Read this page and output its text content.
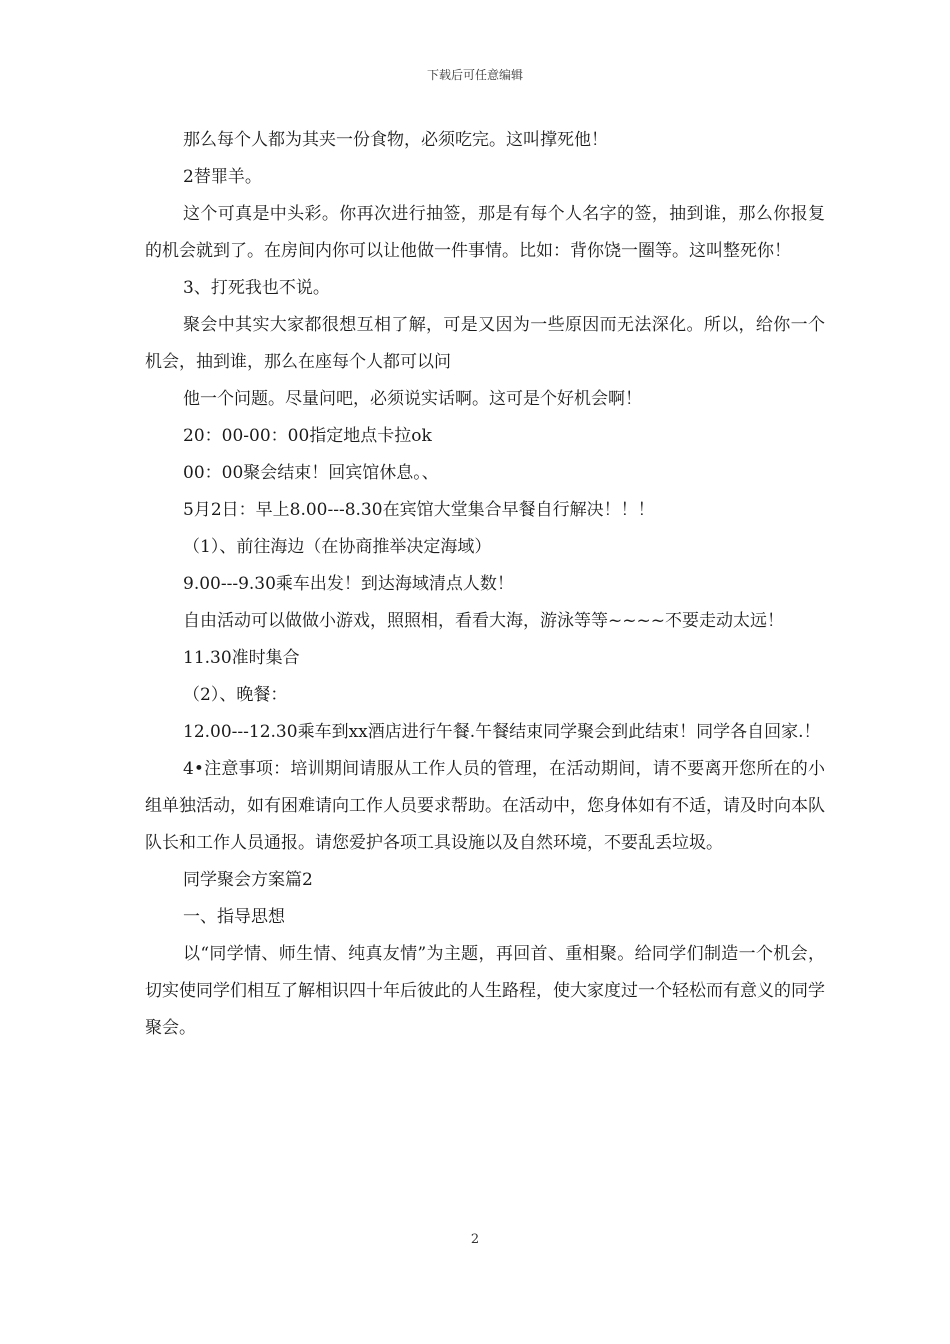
下载后可任意编辑

那么每个人都为其夹一份食物，必须吃完。这叫撑死他！

2替罪羊。

这个可真是中头彩。你再次进行抽签，那是有每个人名字的签，抽到谁，那么你报复的机会就到了。在房间内你可以让他做一件事情。比如：背你饶一圈等。这叫整死你！

3、打死我也不说。

聚会中其实大家都很想互相了解，可是又因为一些原因而无法深化。所以，给你一个机会，抽到谁，那么在座每个人都可以问

他一个问题。尽量问吧，必须说实话啊。这可是个好机会啊！

20：00-00：00指定地点卡拉ok

00：00聚会结束！回宾馆休息。、

5月2日：早上8.00---8.30在宾馆大堂集合早餐自行解决！！！

（1）、前往海边（在协商推举决定海域）

9.00---9.30乘车出发！到达海域清点人数！

自由活动可以做做小游戏，照照相，看看大海，游泳等等~~~~不要走动太远！

11.30准时集合

（2）、晚餐：

12.00---12.30乘车到xx酒店进行午餐.午餐结束同学聚会到此结束！同学各自回家.！

4•注意事项：培训期间请服从工作人员的管理，在活动期间，请不要离开您所在的小组单独活动，如有困难请向工作人员要求帮助。在活动中，您身体如有不适，请及时向本队队长和工作人员通报。请您爱护各项工具设施以及自然环境，不要乱丢垃圾。

同学聚会方案篇2

一、指导思想

以“同学情、师生情、纯真友情”为主题，再回首、重相聚。给同学们制造一个机会，切实使同学们相互了解相识四十年后彼此的人生路程，使大家度过一个轻松而有意义的同学聚会。

2
